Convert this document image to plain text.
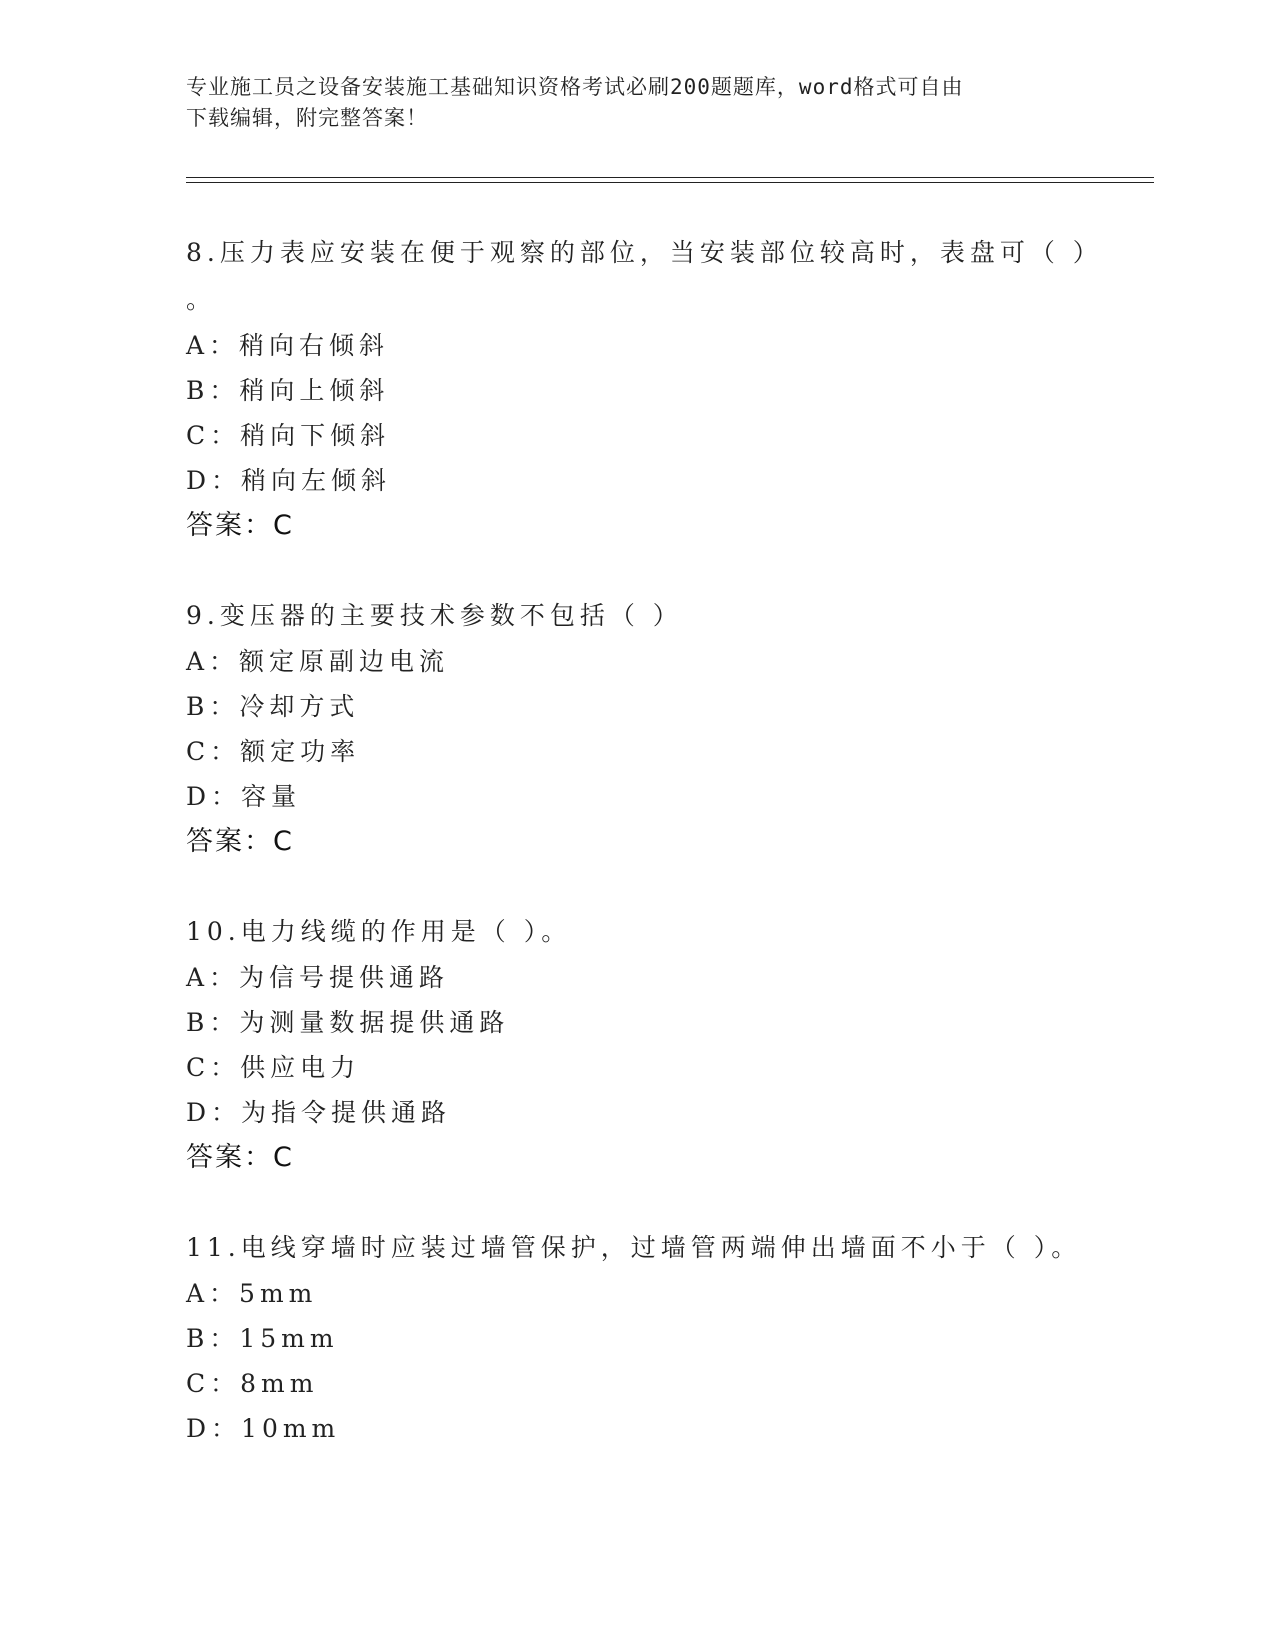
专业施工员之设备安装施工基础知识资格考试必刷200题题库，word格式可自由
下载编辑，附完整答案！
8.压力表应安装在便于观察的部位，当安装部位较高时，表盘可（ ）
。
A：稍向右倾斜
B：稍向上倾斜
C：稍向下倾斜
D：稍向左倾斜
答案：C
9.变压器的主要技术参数不包括（ ）
A：额定原副边电流
B：冷却方式
C：额定功率
D：容量
答案：C
10.电力线缆的作用是（ ）。
A：为信号提供通路
B：为测量数据提供通路
C：供应电力
D：为指令提供通路
答案：C
11.电线穿墙时应装过墙管保护，过墙管两端伸出墙面不小于（ ）。
A：5mm
B：15mm
C：8mm
D：10mm
